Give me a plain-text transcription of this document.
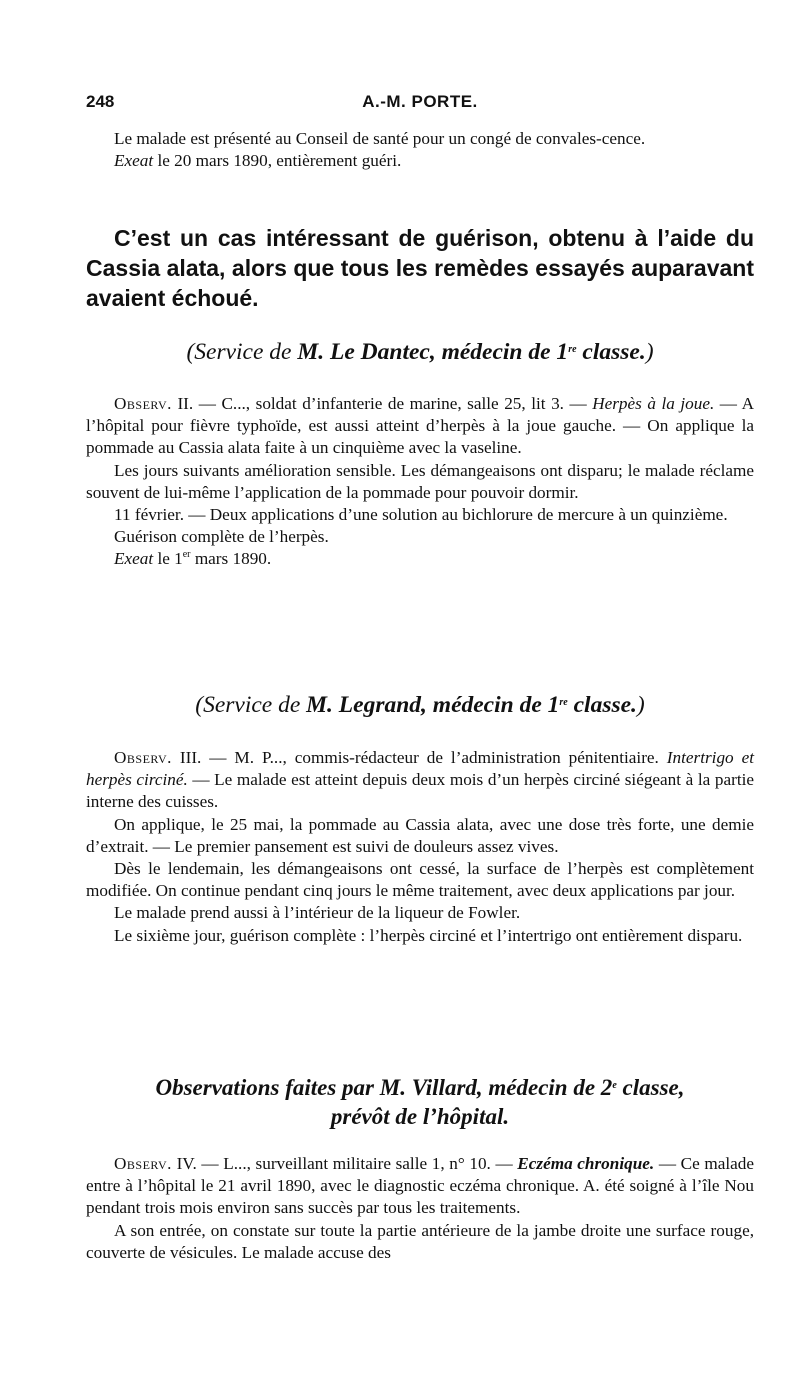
248	A.-M. PORTE.

Le malade est présenté au Conseil de santé pour un congé de convales-cence.

Exeat le 20 mars 1890, entièrement guéri.

C’est un cas intéressant de guérison, obtenu à l’aide du Cassia alata, alors que tous les remèdes essayés auparavant avaient échoué.

(Service de M. Le Dantec, médecin de 1re classe.)

Observ. II. — C..., soldat d’infanterie de marine, salle 25, lit 3. — Herpès à la joue. — A l’hôpital pour fièvre typhoïde, est aussi atteint d’herpès à la joue gauche. — On applique la pommade au Cassia alata faite à un cinquième avec la vaseline.

Les jours suivants amélioration sensible. Les démangeaisons ont disparu; le malade réclame souvent de lui-même l’application de la pommade pour pouvoir dormir.

11 février. — Deux applications d’une solution au bichlorure de mercure à un quinzième.

Guérison complète de l’herpès.

Exeat le 1er mars 1890.

(Service de M. Legrand, médecin de 1re classe.)

Observ. III. — M. P..., commis-rédacteur de l’administration pénitentiaire. Intertrigo et herpès circiné. — Le malade est atteint depuis deux mois d’un herpès circiné siégeant à la partie interne des cuisses.

On applique, le 25 mai, la pommade au Cassia alata, avec une dose très forte, une demie d’extrait. — Le premier pansement est suivi de douleurs assez vives.

Dès le lendemain, les démangeaisons ont cessé, la surface de l’herpès est complètement modifiée. On continue pendant cinq jours le même traitement, avec deux applications par jour.

Le malade prend aussi à l’intérieur de la liqueur de Fowler.

Le sixième jour, guérison complète : l’herpès circiné et l’intertrigo ont entièrement disparu.

Observations faites par M. Villard, médecin de 2e classe,
prévôt de l’hôpital.

Observ. IV. — L..., surveillant militaire salle 1, n° 10. — Eczéma chronique. — Ce malade entre à l’hôpital le 21 avril 1890, avec le diagnostic eczéma chronique. A. été soigné à l’île Nou pendant trois mois environ sans succès par tous les traitements.

A son entrée, on constate sur toute la partie antérieure de la jambe droite une surface rouge, couverte de vésicules. Le malade accuse des
